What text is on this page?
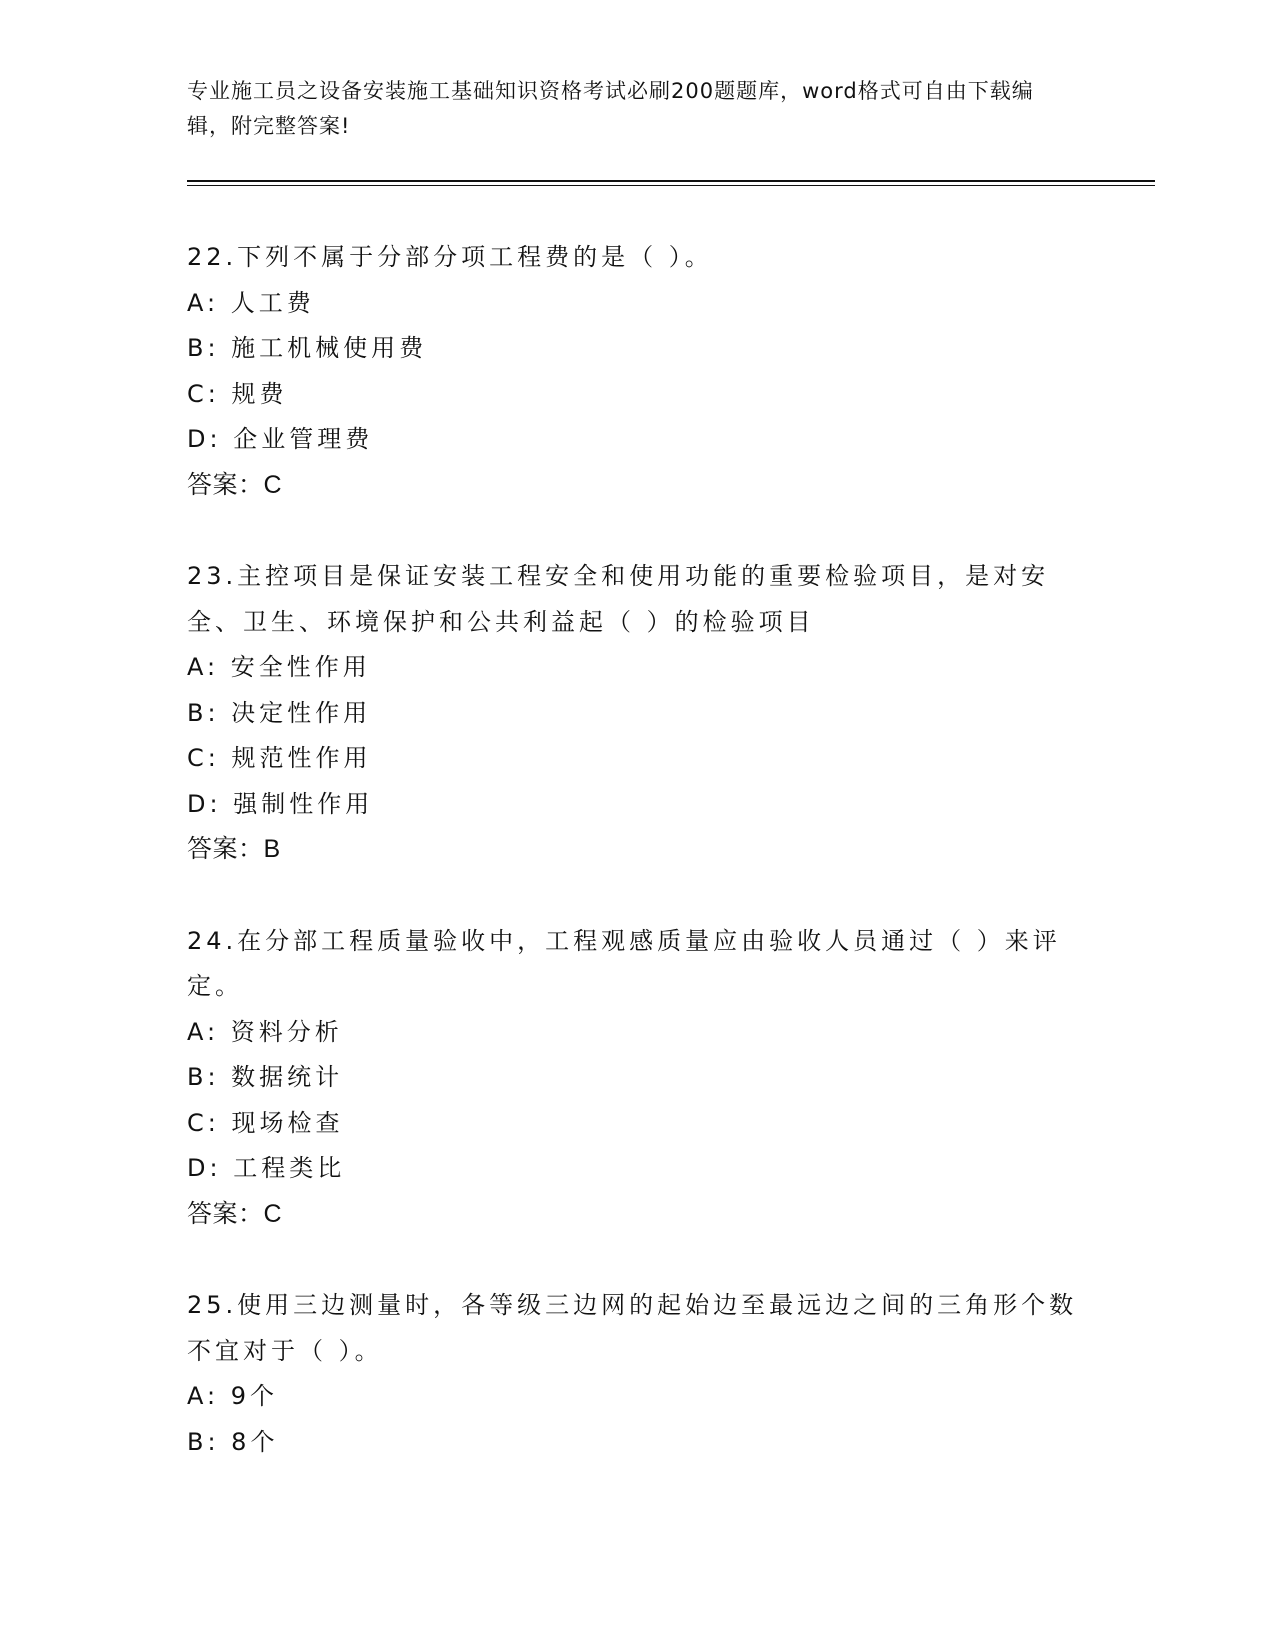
专业施工员之设备安装施工基础知识资格考试必刷200题题库，word格式可自由下载编辑，附完整答案!
22.下列不属于分部分项工程费的是（ ）。
A: 人工费
B: 施工机械使用费
C: 规费
D: 企业管理费
答案：C
23.主控项目是保证安装工程安全和使用功能的重要检验项目，是对安全、卫生、环境保护和公共利益起（ ）的检验项目
A: 安全性作用
B: 决定性作用
C: 规范性作用
D: 强制性作用
答案：B
24.在分部工程质量验收中，工程观感质量应由验收人员通过（ ）来评定。
A: 资料分析
B: 数据统计
C: 现场检查
D: 工程类比
答案：C
25.使用三边测量时，各等级三边网的起始边至最远边之间的三角形个数不宜对于（ ）。
A: 9个
B: 8个
